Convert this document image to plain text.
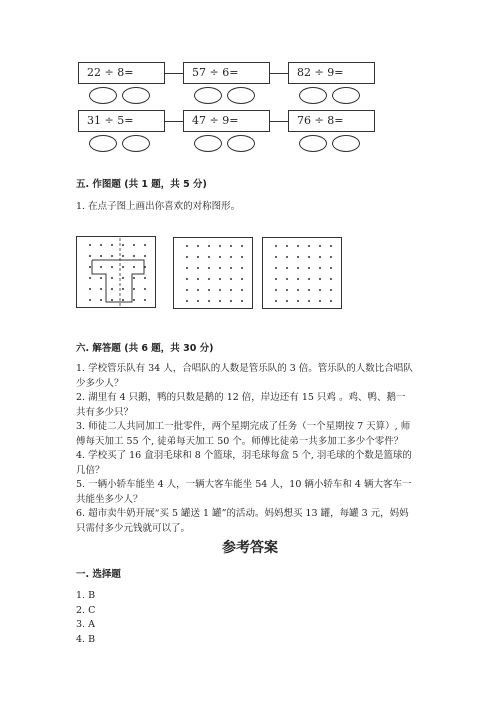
22 ÷ 8=	57 ÷ 6=	82 ÷ 9=
31 ÷ 5=	47 ÷ 9=	76 ÷ 8=
五. 作图题 (共 1 题，共 5 分)
1. 在点子图上画出你喜欢的对称图形。
六. 解答题 (共 6 题，共 30 分)
1. 学校管乐队有 34 人，合唱队的人数是管乐队的 3 倍。管乐队的人数比合唱队
少多少人？
2. 湖里有 4 只鹅，鸭的只数是鹅的 12 倍，岸边还有 15 只鸡 。鸡、鸭、鹅一
共有多少只？
3. 师徒二人共同加工一批零件，两个星期完成了任务（一个星期按 7 天算）, 师
傅每天加工 55 个, 徒弟每天加工 50 个。师傅比徒弟一共多加工多少个零件？
4. 学校买了 16 盒羽毛球和 8 个篮球，羽毛球每盒 5 个, 羽毛球的个数是篮球的
几倍？
5. 一辆小轿车能坐 4 人，一辆大客车能坐 54 人，10 辆小轿车和 4 辆大客车一
共能坐多少人？
6. 超市卖牛奶开展“买 5 罐送 1 罐”的活动。妈妈想买 13 罐，每罐 3 元，妈妈
只需付多少元钱就可以了。
参考答案
一. 选择题
1. B
2. C
3. A
4. B
